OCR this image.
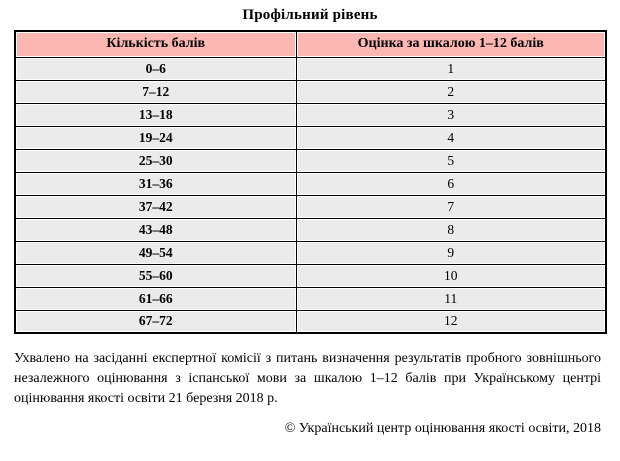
Профільний рівень
Кількість балів	Оцінка за шкалою 1–12 балів
0–6	1
7–12	2
13–18	3
19–24	4
25–30	5
31–36	6
37–42	7
43–48	8
49–54	9
55–60	10
61–66	11
67–72	12

Ухвалено на засіданні експертної комісії з питань визначення результатів пробного зовнішнього незалежного оцінювання з іспанської мови за шкалою 1–12 балів при Українському центрі оцінювання якості освіти 21 березня 2018 р.

© Український центр оцінювання якості освіти, 2018
